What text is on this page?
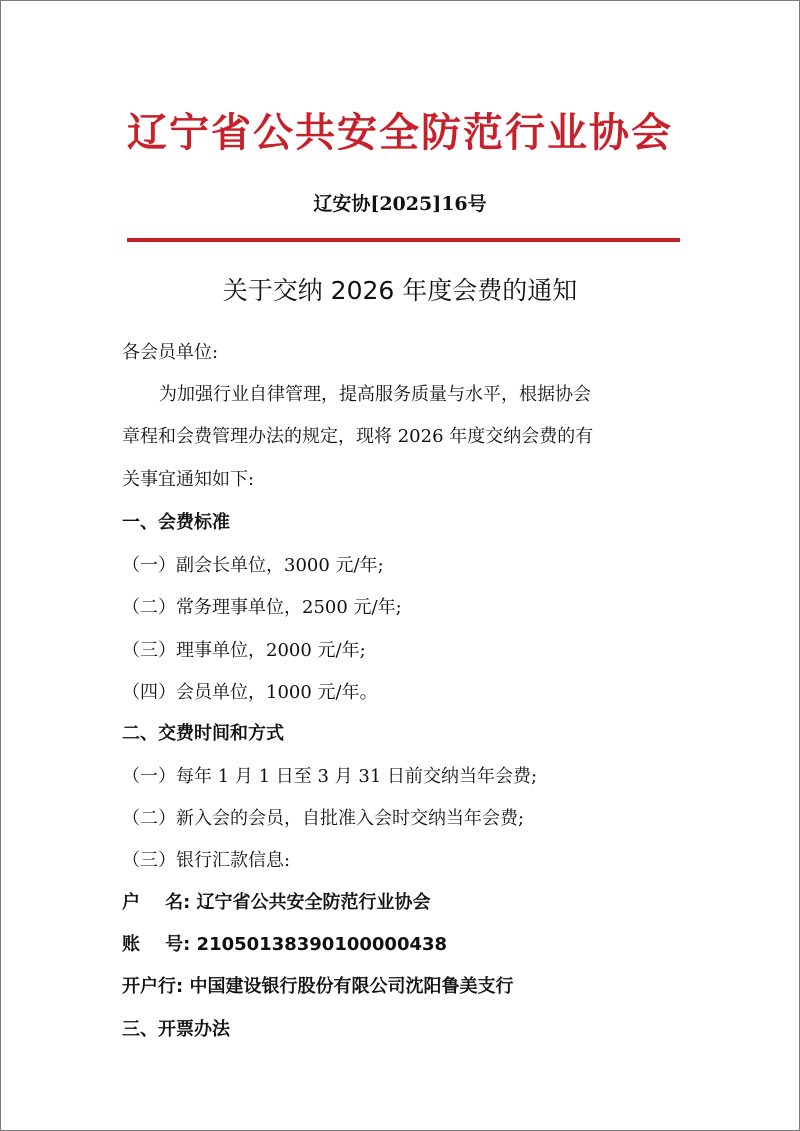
辽宁省公共安全防范行业协会
辽安协[2025]16号
关于交纳 2026 年度会费的通知
各会员单位:
为加强行业自律管理，提高服务质量与水平，根据协会
章程和会费管理办法的规定，现将 2026 年度交纳会费的有
关事宜通知如下:
一、会费标准
（一）副会长单位，3000 元/年;
（二）常务理事单位，2500 元/年;
（三）理事单位，2000 元/年;
（四）会员单位，1000 元/年。
二、交费时间和方式
（一）每年 1 月 1 日至 3 月 31 日前交纳当年会费;
（二）新入会的会员，自批准入会时交纳当年会费;
（三）银行汇款信息:
户    名: 辽宁省公共安全防范行业协会
账    号: 21050138390100000438
开户行: 中国建设银行股份有限公司沈阳鲁美支行
三、开票办法
